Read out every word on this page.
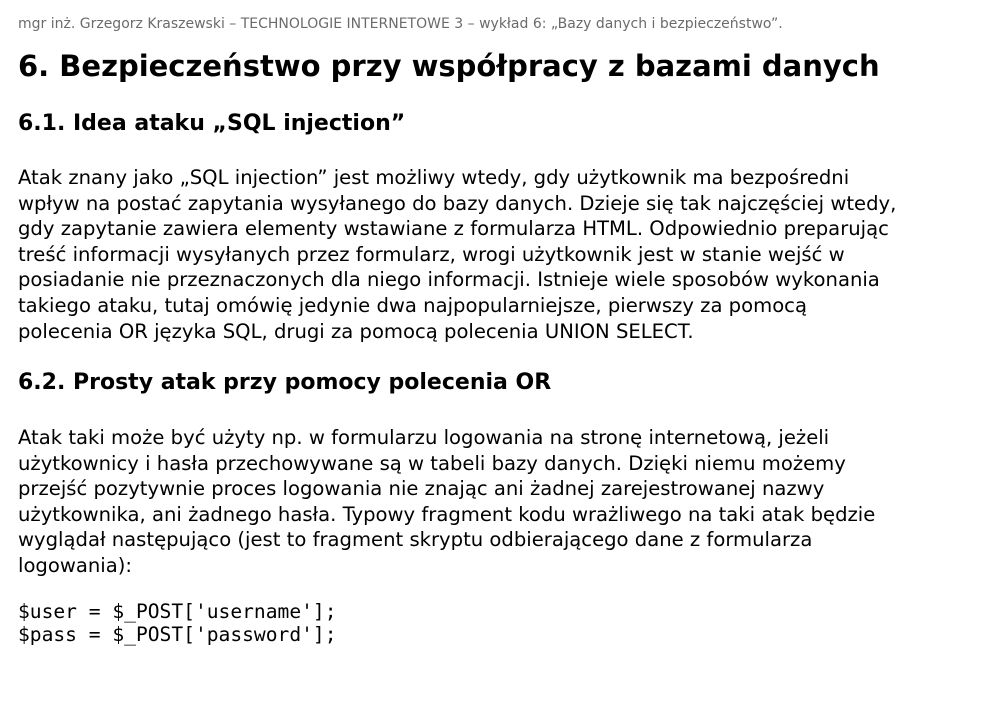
mgr inż. Grzegorz Kraszewski – TECHNOLOGIE INTERNETOWE 3 – wykład 6: „Bazy danych i bezpieczeństwo”.
6. Bezpieczeństwo przy współpracy z bazami danych
6.1. Idea ataku „SQL injection”

Atak znany jako „SQL injection” jest możliwy wtedy, gdy użytkownik ma bezpośredni
wpływ na postać zapytania wysyłanego do bazy danych. Dzieje się tak najczęściej wtedy,
gdy zapytanie zawiera elementy wstawiane z formularza HTML. Odpowiednio preparując
treść informacji wysyłanych przez formularz, wrogi użytkownik jest w stanie wejść w
posiadanie nie przeznaczonych dla niego informacji. Istnieje wiele sposobów wykonania
takiego ataku, tutaj omówię jedynie dwa najpopularniejsze, pierwszy za pomocą
polecenia OR języka SQL, drugi za pomocą polecenia UNION SELECT.

6.2. Prosty atak przy pomocy polecenia OR

Atak taki może być użyty np. w formularzu logowania na stronę internetową, jeżeli
użytkownicy i hasła przechowywane są w tabeli bazy danych. Dzięki niemu możemy
przejść pozytywnie proces logowania nie znając ani żadnej zarejestrowanej nazwy
użytkownika, ani żadnego hasła. Typowy fragment kodu wrażliwego na taki atak będzie
wyglądał następująco (jest to fragment skryptu odbierającego dane z formularza
logowania):

$user = $_POST['username'];
$pass = $_POST['password'];
